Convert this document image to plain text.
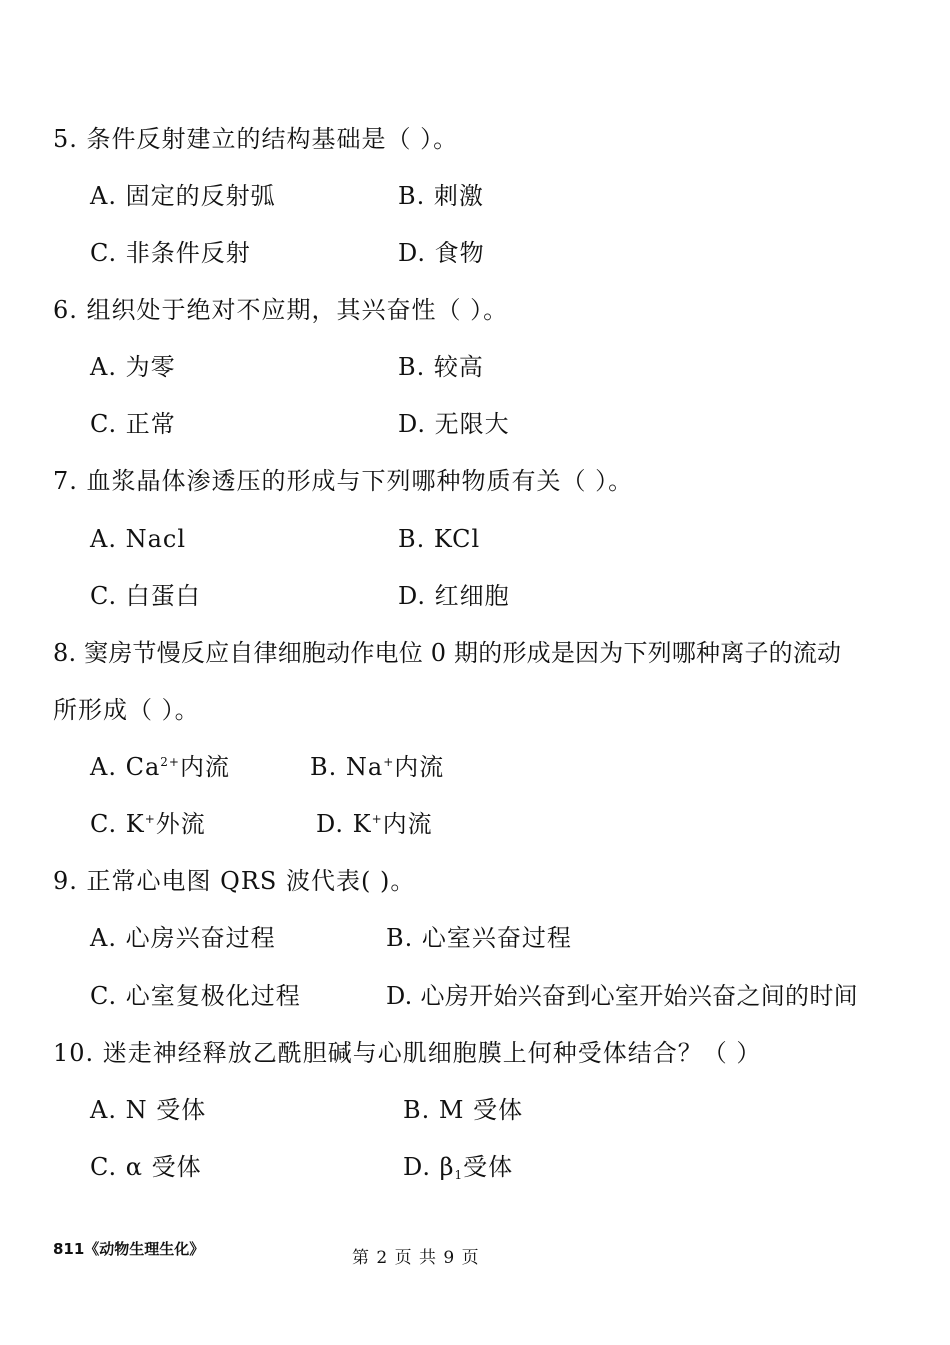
5. 条件反射建立的结构基础是（ ）。
A. 固定的反射弧	B. 刺激
C. 非条件反射	D. 食物
6. 组织处于绝对不应期，其兴奋性（ ）。
A. 为零	B. 较高
C. 正常	D. 无限大
7. 血浆晶体渗透压的形成与下列哪种物质有关（ ）。
A. Nacl	B. KCl
C. 白蛋白	D. 红细胞
8. 窦房节慢反应自律细胞动作电位 0 期的形成是因为下列哪种离子的流动
所形成（ ）。
A. $Ca^{2+}$内流	B. Na+内流
C. K+外流	D. K+内流
9. 正常心电图 QRS 波代表( )。
A. 心房兴奋过程	B. 心室兴奋过程
C. 心室复极化过程	D. 心房开始兴奋到心室开始兴奋之间的时间
10. 迷走神经释放乙酰胆碱与心肌细胞膜上何种受体结合？（ ）
A. N 受体	B. M 受体
C. α 受体	D. $\beta_1$受体
811《动物生理生化》	第 2 页 共 9 页
